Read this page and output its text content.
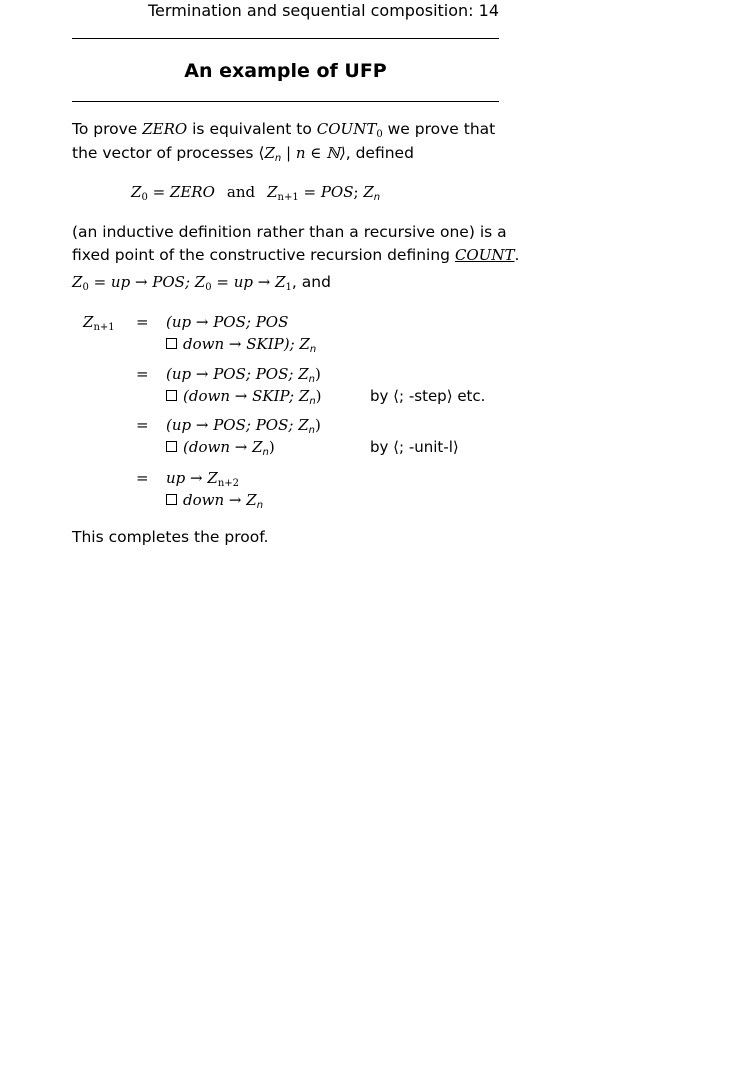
Termination and sequential composition: 14
An example of UFP
To prove ZERO is equivalent to $COUNT_0$ we prove that
the vector of processes ⟨Zn | n ∈ ℕ⟩, defined
$Z_0$ = ZERO and $Z_{n+1}$ = POS; $Z_n$
(an inductive definition rather than a recursive one) is a
fixed point of the constructive recursion defining COUNT.
$Z_0$ = up → POS; $Z_0$ = up → $Z_1$, and
$Z_{n+1} = (up$ → POS; POS
down → SKIP); $Z_n$
= (up → POS; POS; $Z_n$)
(down → SKIP; $Z_n$)	by ⟨; -step⟩ etc.
= (up → POS; POS; $Z_n$)
(down → $Z_n$)	by ⟨; -unit-l⟩
= up → $Z_{n+2}$
down → $Z_n$
This completes the proof.
